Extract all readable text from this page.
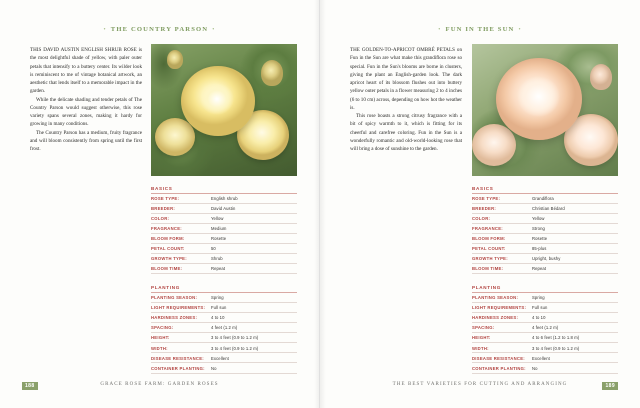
• THE COUNTRY PARSON •

THIS DAVID AUSTIN ENGLISH SHRUB ROSE is the most delightful shade of yellow, with paler outer petals that intensify to a buttery center. Its wilder look is reminiscent to me of vintage botanical artwork, an aesthetic that lends itself to a memorable impact in the garden.

While the delicate shading and tender petals of The Country Parson would suggest otherwise, this rose variety spans several zones, making it hardy for growing in many conditions.

The Country Parson has a medium, fruity fragrance and will bloom consistently from spring until the first frost.

BASICS
ROSE TYPE:	English shrub
BREEDER:	David Austin
COLOR:	Yellow
FRAGRANCE:	Medium
BLOOM FORM:	Rosette
PETAL COUNT:	50
GROWTH TYPE:	Shrub
BLOOM TIME:	Repeat
PLANTING
PLANTING SEASON:	Spring
LIGHT REQUIREMENTS:	Full sun
HARDINESS ZONES:	4 to 10
SPACING:	4 feet (1.2 m)
HEIGHT:	3 to 4 feet (0.9 to 1.2 m)
WIDTH:	3 to 4 feet (0.9 to 1.2 m)
DISEASE RESISTANCE:	Excellent
CONTAINER PLANTING:	No
188	GRACE ROSE FARM: GARDEN ROSES
• FUN IN THE SUN •

THE GOLDEN-TO-APRICOT OMBRÉ PETALS on Fun in the Sun are what make this grandiflora rose so special. Fun in the Sun's blooms are borne in clusters, giving the plant an English-garden look. The dark apricot heart of its blossom flushes out into buttery yellow outer petals in a flower measuring 2 to 4 inches (6 to 10 cm) across, depending on how hot the weather is.

This rose boasts a strong citrusy fragrance with a bit of spicy warmth to it, which is fitting for its cheerful and carefree coloring. Fun in the Sun is a wonderfully romantic and old-world-looking rose that will bring a dose of sunshine to the garden.

BASICS
ROSE TYPE:	Grandiflora
BREEDER:	Christian Bédard
COLOR:	Yellow
FRAGRANCE:	Strong
BLOOM FORM:	Rosette
PETAL COUNT:	85-plus
GROWTH TYPE:	Upright, bushy
BLOOM TIME:	Repeat
PLANTING
PLANTING SEASON:	Spring
LIGHT REQUIREMENTS:	Full sun
HARDINESS ZONES:	4 to 10
SPACING:	4 feet (1.2 m)
HEIGHT:	4 to 6 feet (1.2 to 1.8 m)
WIDTH:	3 to 4 feet (0.9 to 1.2 m)
DISEASE RESISTANCE:	Excellent
CONTAINER PLANTING:	No
189
THE BEST VARIETIES FOR CUTTING AND ARRANGING
